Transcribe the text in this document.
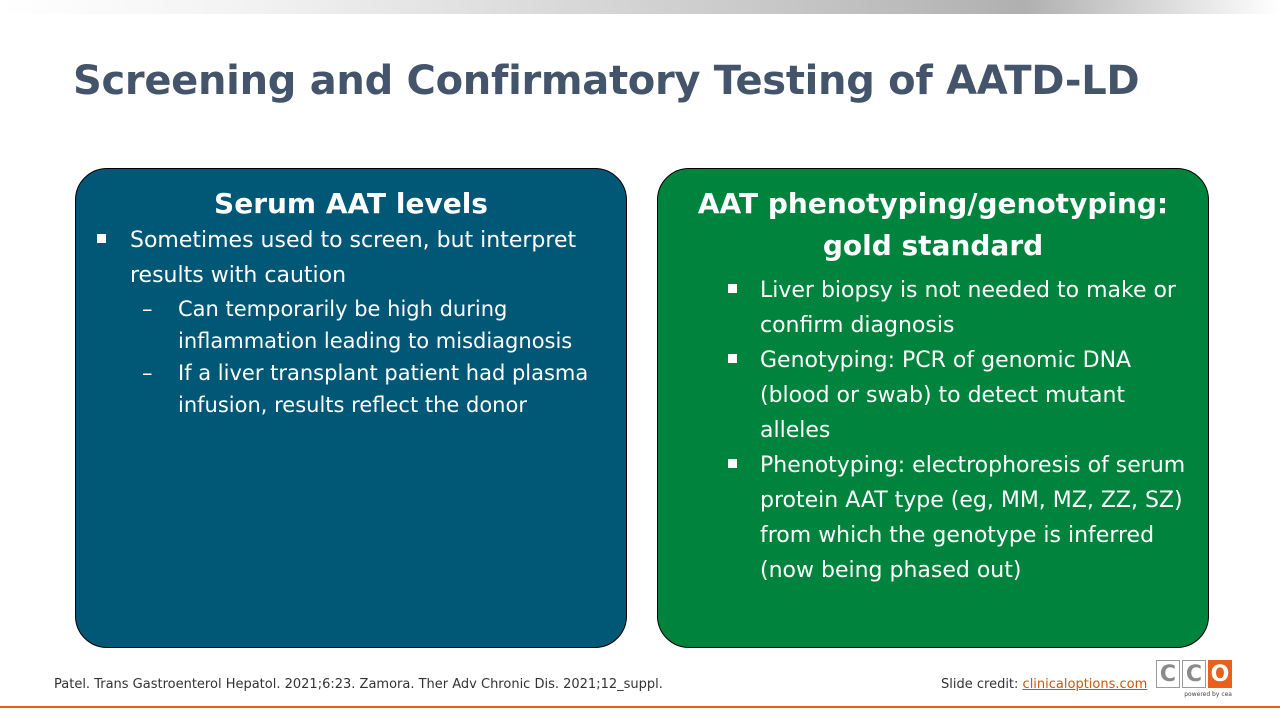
Screening and Confirmatory Testing of AATD-LD
Serum AAT levels
Sometimes used to screen, but interpret results with caution
– Can temporarily be high during inflammation leading to misdiagnosis
– If a liver transplant patient had plasma infusion, results reflect the donor
AAT phenotyping/genotyping:
gold standard
Liver biopsy is not needed to make or confirm diagnosis
Genotyping: PCR of genomic DNA (blood or swab) to detect mutant alleles
Phenotyping: electrophoresis of serum protein AAT type (eg, MM, MZ, ZZ, SZ) from which the genotype is inferred (now being phased out)
Patel. Trans Gastroenterol Hepatol. 2021;6:23. Zamora. Ther Adv Chronic Dis. 2021;12_suppl.	Slide credit: clinicaloptions.com C C O
powered by cea
